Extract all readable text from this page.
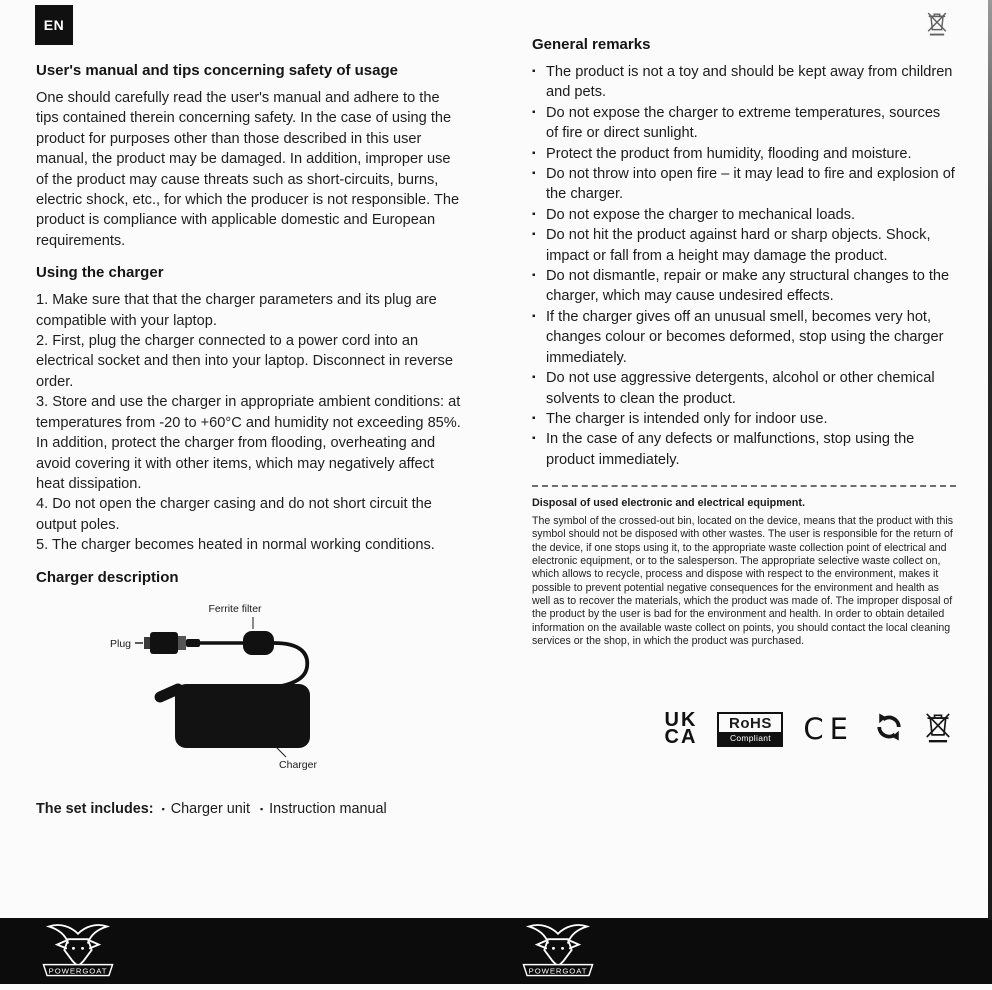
EN
User's manual and tips concerning safety of usage

One should carefully read the user's manual and adhere to the tips contained therein concerning safety. In the case of using the product for purposes other than those described in this user manual, the product may be damaged. In addition, improper use of the product may cause threats such as short-circuits, burns, electric shock, etc., for which the producer is not responsible. The product is compliance with applicable domestic and European requirements.

Using the charger

1. Make sure that that the charger parameters and its plug are compatible with your laptop.

2. First, plug the charger connected to a power cord into an electrical socket and then into your laptop. Disconnect in reverse order.

3. Store and use the charger in appropriate ambient conditions: at temperatures from -20 to +60°C and humidity not exceeding 85%. In addition, protect the charger from flooding, overheating and avoid covering it with other items, which may negatively affect heat dissipation.

4. Do not open the charger casing and do not short circuit the output poles.

5. The charger becomes heated in normal working conditions.

Charger description
Ferrite filter
Plug
Charger
The set includes: ▪ Charger unit ▪ Instruction manual
General remarks
▪ The product is not a toy and should be kept away from children and pets.
▪ Do not expose the charger to extreme temperatures, sources of fire or direct sunlight.
▪ Protect the product from humidity, flooding and moisture.
▪ Do not throw into open fire – it may lead to fire and explosion of the charger.
▪ Do not expose the charger to mechanical loads.
▪ Do not hit the product against hard or sharp objects. Shock, impact or fall from a height may damage the product.
▪ Do not dismantle, repair or make any structural changes to the charger, which may cause undesired effects.
▪ If the charger gives off an unusual smell, becomes very hot, changes colour or becomes deformed, stop using the charger immediately.
▪ Do not use aggressive detergents, alcohol or other chemical solvents to clean the product.
▪ The charger is intended only for indoor use.
▪ In the case of any defects or malfunctions, stop using the product immediately.

Disposal of used electronic and electrical equipment.

The symbol of the crossed-out bin, located on the device, means that the product with this symbol should not be disposed with other wastes. The user is responsible for the return of the device, if one stops using it, to the appropriate waste collection point of electrical and electronic equipment, or to the salesperson. The appropriate selective waste collect on, which allows to recycle, process and dispose with respect to the environment, makes it possible to prevent potential negative consequences for the environment and health as well as to recover the materials, which the product was made of. The improper disposal of the product by the user is bad for the environment and health. In order to obtain detailed information on the available waste collect on points, you should contact the local cleaning services or the shop, in which the product was purchased.

UK
CA
RoHS
Compliant	CE
POWERGOAT	POWERGOAT
